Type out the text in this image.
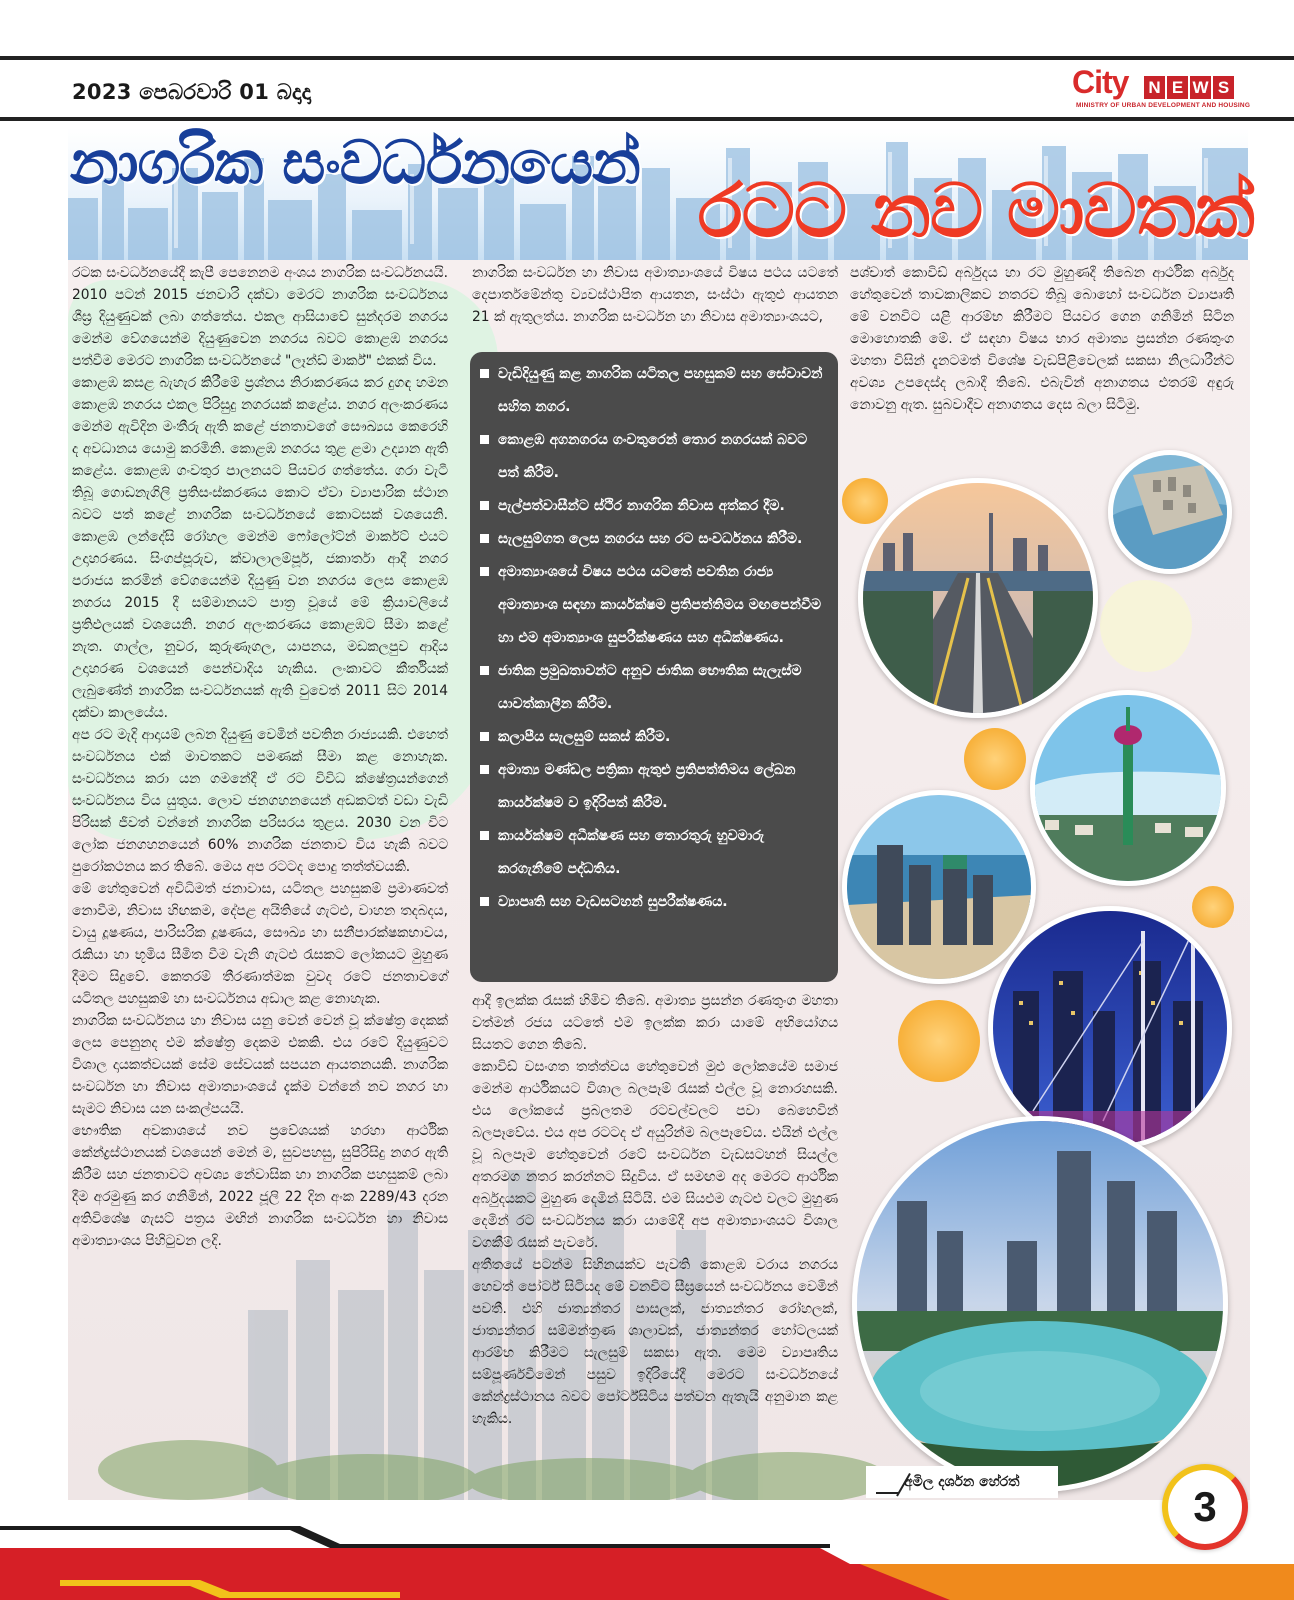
2023 පෙබරවාරි 01 බදාදා	City N E W S
MINISTRY OF URBAN DEVELOPMENT AND HOUSING
නාගරික සංවර්ධනයෙන්
රටට නව මාවතක්

රටක සංවර්ධනයේදී කැපී පෙනෙනම අංශය නාගරික සංවර්ධනයයි. 2010 පටන් 2015 ජනවාරි දක්වා මෙරට නාගරික සංවර්ධනය ශීඝ්‍ර දියුණුවක් ලබා ගත්තේය. එකල ආසියාවේ සුන්දරම නගරය මෙන්ම වේගයෙන්ම දියුණුවෙන නගරය බවට කොළඹ නගරය පත්වීම මෙරට නාගරික සංවර්ධනයේ "ලෑන්ඩ් මාර්ක්" එකක් විය.

කොළඹ කසළ බැහැර කිරීමේ ප්‍රශ්නය නිරාකරණය කර දුගඳ හමන කොළඹ නගරය එකල පිරිසුදු නගරයක් කළේය. නගර අලංකරණය මෙන්ම ඇවිදින මංතීරු ඇති කළේ ජනතාවගේ සෞඛ්‍යය කෙරෙහි ද අවධානය යොමු කරමිනි. කොළඹ නගරය තුළ ළමා උද්‍යාන ඇති කළේය. කොළඹ ගංවතුර පාලනයට පියවර ගත්තේය. ගරා වැටී තිබූ ගොඩනැගිලි ප්‍රතිසංස්කරණය කොට ඒවා ව්‍යාපාරික ස්ථාන බවට පත් කළේ නාගරික සංවර්ධනයේ කොටසක් වශයෙනි. කොළඹ ලන්දේසි රෝහල මෙන්ම ෆෝලෝට්න් මාර්කට් එයට උදාහරණය. සිංගප්පූරුව, ක්වාලාලම්පූර්, ජකාර්තා ආදී නගර පරාජය කරමින් වේගයෙන්ම දියුණු වන නගරය ලෙස කොළඹ නගරය 2015 දී සම්මානයට පාත්‍ර වූයේ මේ ක්‍රියාවලියේ ප්‍රතිඵලයක් වශයෙනි. නගර අලංකරණය කොළඹට සීමා කළේ නැත. ගාල්ල, නුවර, කුරුණෑගල, යාපනය, මඩකලපුව ආදිය උදාහරණ වශයෙන් පෙන්වාදිය හැකිය. ලංකාවට කීර්තියක් ලැබුණේත් නාගරික සංවර්ධනයක් ඇති වුවෙත් 2011 සිට 2014 දක්වා කාලයේය.

අප රට මැදි ආදායම් ලබන දියුණු වෙමින් පවතින රාජ්‍යයකි. එහෙත් සංවර්ධනය එක් මාවතකට පමණක් සීමා කළ නොහැක. සංවර්ධනය කරා යන ගමනේදී ඒ රට විවිධ ක්ෂේත්‍රයන්ගෙන් සංවර්ධනය විය යුතුය. ලොව ජනගහනයෙන් අඩකටත් වඩා වැඩි පිරිසක් ජීවත් වන්නේ නාගරික පරිසරය තුළය. 2030 වන විට ලෝක ජනගහනයෙන් 60% නාගරික ජනතාව විය හැකි බවට පුරෝකථනය කර තිබේ. මෙය අප රටටද පොදු තත්ත්වයකි.

මේ හේතුවෙන් අවිධිමත් ජනාවාස, යටිතල පහසුකම් ප්‍රමාණවත් නොවීම, නිවාස හිඟකම, දේපළ අයිතියේ ගැටළු, වාහන තදබදය, වායු දූෂණය, පාරිසරික දූෂණය, සෞඛ්‍ය හා සනීපාරක්ෂකභාවය, රැකියා හා භූමිය සීමිත වීම වැනි ගැටළු රැසකට ලෝකයට මුහුණ දීමට සිදුවේ. කෙතරම් තීරණාත්මක වුවද රටේ ජනතාවගේ යටිතල පහසුකම් හා සංවර්ධනය අඩාල කළ නොහැක.

නාගරික සංවර්ධනය හා නිවාස යනු වෙන් වෙන් වූ ක්ෂේත්‍ර දෙකක් ලෙස පෙනුනද එම ක්ෂේත්‍ර දෙකම එකකි. එය රටේ දියුණුවට විශාල දායකත්වයක් සේම සේවයක් සපයන ආයතනයකි. නාගරික සංවර්ධන හා නිවාස අමාත්‍යාංශයේ දැක්ම වන්නේ නව නගර හා සැමට නිවාස යන සංකල්පයයි.

භෞතික අවකාශයේ නව ප්‍රවේශයක් හරහා ආර්ථික කේන්ද්‍රස්ථානයක් වශයෙන් මෙන් ම, සුවපහසු, සුපිරිසිදු නගර ඇති කිරීම සහ ජනතාවට අවශ්‍ය නේවාසික හා නාගරික පහසුකම් ලබා දීම අරමුණු කර ගනිමින්, 2022 ජූලි 22 දින අංක 2289/43 දරන අතිවිශේෂ ගැසට් පත්‍රය මඟින් නාගරික සංවර්ධන හා නිවාස අමාත්‍යාංශය පිහිටුවන ලදි.

නාගරික සංවර්ධන හා නිවාස අමාත්‍යාංශයේ විෂය පථය යටතේ දෙපාර්තමේන්තු ව්‍යවස්ථාපිත ආයතන, සංස්ථා ඇතුළු ආයතන 21 ක් ඇතුලත්ය. නාගරික සංවර්ධන හා නිවාස අමාත්‍යාංශයට,

වැඩිදියුණු කළ නාගරික යටිතල පහසුකම් සහ සේවාවන් සහිත නගර.
කොළඹ අගනගරය ගංවතුරෙන් තොර නගරයක් බවට පත් කිරීම.
පැල්පත්වාසීන්ට ස්ථිර නාගරික නිවාස අත්කර දීම.
සැලසුම්ගත ලෙස නගරය සහ රට සංවර්ධනය කිරීම.
අමාත්‍යාංශයේ විෂය පථය යටතේ පවතින රාජ්‍ය අමාත්‍යාංශ සඳහා කාර්යක්ෂම ප්‍රතිපත්තිමය මඟපෙන්වීම හා එම අමාත්‍යාංශ සුපරීක්ෂණය සහ අධීක්ෂණය.
ජාතික ප්‍රමුඛතාවන්ට අනුව ජාතික භෞතික සැලැස්ම යාවත්කාලීන කිරීම.
කලාපීය සැලසුම් සකස් කිරීම.
අමාත්‍ය මණ්ඩල පත්‍රිකා ඇතුළු ප්‍රතිපත්තිමය ලේඛන කාර්යක්ෂම ව ඉදිරිපත් කිරීම.
කාර්යක්ෂම අධීක්ෂණ සහ තොරතුරු හුවමාරු කරගැනීමේ පද්ධතිය.
ව්‍යාපෘති සහ වැඩසටහන් සුපරීක්ෂණය.

ආදී ඉලක්ක රැසක් හිමිව තිබේ. අමාත්‍ය ප්‍රසන්න රණතුංග මහතා වත්මන් රජය යටතේ එම ඉලක්ක කරා යාමේ අභියෝගය සියතට ගෙන තිබේ.

කොවිඩ් වසංගත තත්ත්වය හේතුවෙන් මුළු ලෝකයේම සමාජ මෙන්ම ආර්ථිකයට විශාල බලපෑම් රැසක් එල්ල වූ නොරහසකි. එය ලෝකයේ ප්‍රබලතම රටවල්වලට පවා බෙහෙවින් බලපෑවේය. එය අප රටටද ඒ අයුරින්ම බලපෑවේය. එයින් එල්ල වූ බලපෑම හේතුවෙන් රටේ සංවර්ධන වැඩසටහන් සියල්ල අතරමග නතර කරන්නට සිදුවිය. ඒ සමඟම අද මෙරට ආර්ථික අර්බුදයකට මුහුණ දෙමින් සිටියි. එම සියළුම ගැටළු වලට මුහුණ දෙමින් රට සංවර්ධනය කරා යාමේදී අප අමාත්‍යාංශයට විශාල වගකීම් රැසක් පැවරේ.

අතීතයේ පටන්ම සිහිනයක්ව පැවති කොළඹ වරාය නගරය හෙවත් පෝර්ට් සිටියද මේ වනවිට සීඝ්‍රයෙන් සංවර්ධනය වෙමින් පවතී. එහි ජාත්‍යන්තර පාසලක්, ජාත්‍යන්තර රෝහලක්, ජාත්‍යන්තර සම්මන්ත්‍රණ ශාලාවක්, ජාත්‍යන්තර හෝටලයක් ආරම්භ කිරීමට සැලසුම් සකසා ඇත. මෙම ව්‍යාපෘතිය සම්පූර්ණවීමෙන් පසුව ඉදිරියේදී මෙරට සංවර්ධනයේ කේන්ද්‍රස්ථානය බවට පෝර්ට්සිටිය පත්වන ඇතැයි අනුමාන කළ හැකිය.

පශ්චාත් කොවිඩ් අර්බුදය හා රට මුහුණදී තිබෙන ආර්ථික අර්බුද හේතුවෙන් තාවකාලිකව නතරව තිබූ බොහෝ සංවර්ධන ව්‍යාපෘති මේ වනවිට යළි ආරම්භ කිරීමට පියවර ගෙන ගනිමින් සිටින මොහොතකි මේ. ඒ සඳහා විෂය භාර අමාත්‍ය ප්‍රසන්න රණතුංග මහතා විසින් දැනටමත් විශේෂ වැඩපිළිවෙලක් සකසා නිලධාරීන්ට අවශ්‍ය උපදෙස්ද ලබාදී තිබේ. එබැවින් අනාගතය එතරම් අඳුරු නොවනු ඇත. සුබවාදීව අනාගතය දෙස බලා සිටිමු.

අමිල දර්ශන හේරත්
3
